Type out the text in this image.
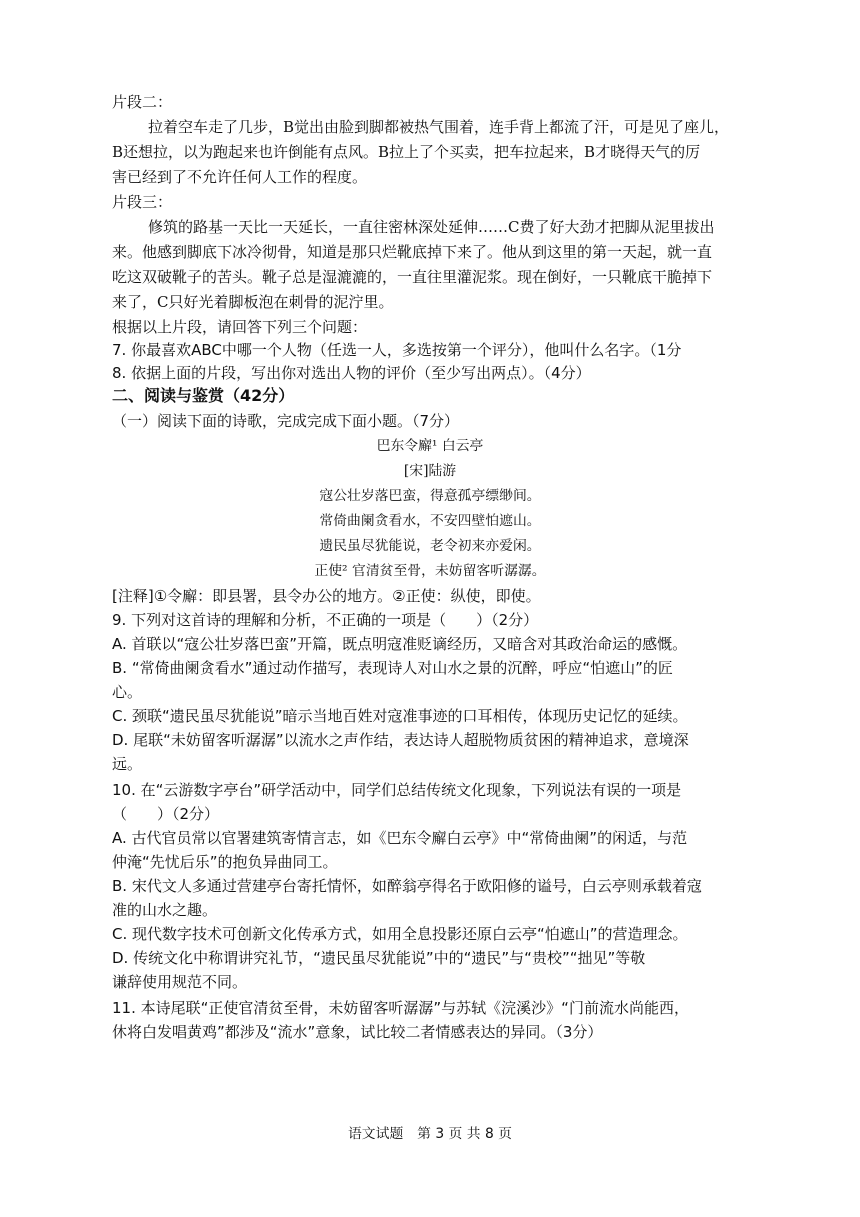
片段二：
拉着空车走了几步，B觉出由脸到脚都被热气围着，连手背上都流了汗，可是见了座儿，
B还想拉，以为跑起来也许倒能有点风。B拉上了个买卖，把车拉起来，B才晓得天气的厉
害已经到了不允许任何人工作的程度。
片段三：
修筑的路基一天比一天延长，一直往密林深处延伸……C费了好大劲才把脚从泥里拔出
来。他感到脚底下冰冷彻骨，知道是那只烂靴底掉下来了。他从到这里的第一天起，就一直
吃这双破靴子的苦头。靴子总是湿漉漉的，一直往里灌泥浆。现在倒好，一只靴底干脆掉下
来了，C只好光着脚板泡在刺骨的泥泞里。
根据以上片段，请回答下列三个问题：
7. 你最喜欢ABC中哪一个人物（任选一人，多选按第一个评分），他叫什么名字。（1分
8. 依据上面的片段，写出你对选出人物的评价（至少写出两点）。（4分）
二、阅读与鉴赏（42分）
（一）阅读下面的诗歌，完成完成下面小题。（7分）
巴东令廨¹ 白云亭
[宋]陆游
寇公壮岁落巴蛮，得意孤亭缥缈间。
常倚曲阑贪看水，不安四壁怕遮山。
遗民虽尽犹能说，老令初来亦爱闲。
正使² 官清贫至骨，未妨留客听潺潺。
[注释]①令廨：即县署，县令办公的地方。②正使：纵使，即使。
9. 下列对这首诗的理解和分析，不正确的一项是（　　）（2分）
A. 首联以“寇公壮岁落巴蛮”开篇，既点明寇准贬谪经历，又暗含对其政治命运的感慨。
B. “常倚曲阑贪看水”通过动作描写，表现诗人对山水之景的沉醉，呼应“怕遮山”的匠
心。
C. 颈联“遗民虽尽犹能说”暗示当地百姓对寇准事迹的口耳相传，体现历史记忆的延续。
D. 尾联“未妨留客听潺潺”以流水之声作结，表达诗人超脱物质贫困的精神追求，意境深
远。
10. 在“云游数字亭台”研学活动中，同学们总结传统文化现象，下列说法有误的一项是
（　　）（2分）
A. 古代官员常以官署建筑寄情言志，如《巴东令廨白云亭》中“常倚曲阑”的闲适，与范
仲淹“先忧后乐”的抱负异曲同工。
B. 宋代文人多通过营建亭台寄托情怀，如醉翁亭得名于欧阳修的谥号，白云亭则承载着寇
准的山水之趣。
C. 现代数字技术可创新文化传承方式，如用全息投影还原白云亭“怕遮山”的营造理念。
D. 传统文化中称谓讲究礼节，“遗民虽尽犹能说”中的“遗民”与“贵校”“拙见”等敬
谦辞使用规范不同。
11. 本诗尾联“正使官清贫至骨，未妨留客听潺潺”与苏轼《浣溪沙》“门前流水尚能西，
休将白发唱黄鸡”都涉及“流水”意象，试比较二者情感表达的异同。（3分）
语文试题　第 3 页 共 8 页
